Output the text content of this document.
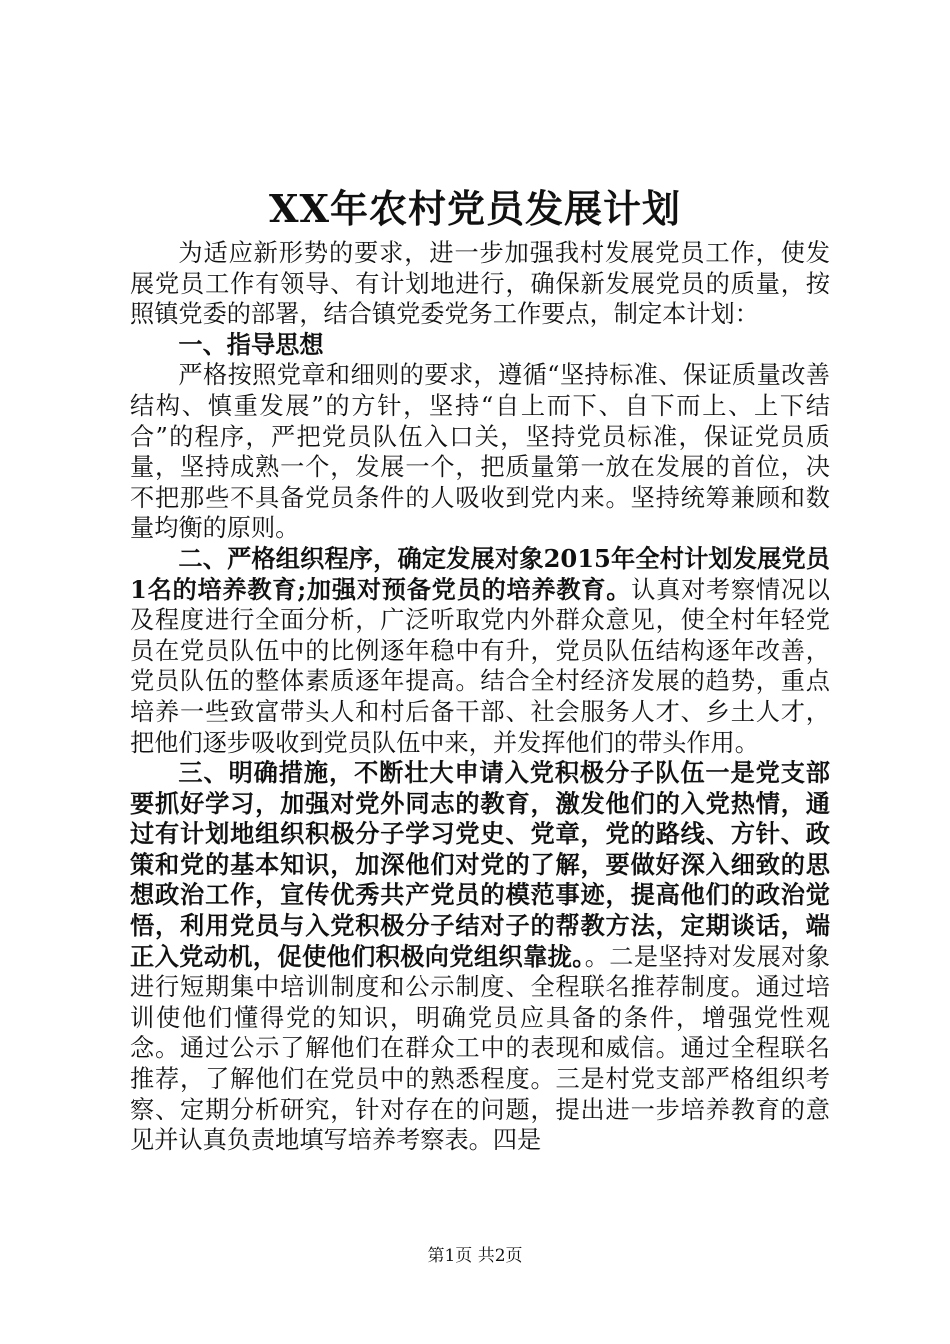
XX年农村党员发展计划

为适应新形势的要求，进一步加强我村发展党员工作，使发展党员工作有领导、有计划地进行，确保新发展党员的质量，按照镇党委的部署，结合镇党委党务工作要点，制定本计划：

一、指导思想

严格按照党章和细则的要求，遵循“坚持标准、保证质量改善结构、慎重发展”的方针，坚持“自上而下、自下而上、上下结合”的程序，严把党员队伍入口关，坚持党员标准，保证党员质量，坚持成熟一个，发展一个，把质量第一放在发展的首位，决不把那些不具备党员条件的人吸收到党内来。坚持统筹兼顾和数量均衡的原则。

二、严格组织程序，确定发展对象2015年全村计划发展党员1名的培养教育;加强对预备党员的培养教育。认真对考察情况以及程度进行全面分析，广泛听取党内外群众意见，使全村年轻党员在党员队伍中的比例逐年稳中有升，党员队伍结构逐年改善，党员队伍的整体素质逐年提高。结合全村经济发展的趋势，重点培养一些致富带头人和村后备干部、社会服务人才、乡土人才，把他们逐步吸收到党员队伍中来，并发挥他们的带头作用。

三、明确措施，不断壮大申请入党积极分子队伍一是党支部要抓好学习，加强对党外同志的教育，激发他们的入党热情，通过有计划地组织积极分子学习党史、党章，党的路线、方针、政策和党的基本知识，加深他们对党的了解，要做好深入细致的思想政治工作，宣传优秀共产党员的模范事迹，提高他们的政治觉悟，利用党员与入党积极分子结对子的帮教方法，定期谈话，端正入党动机，促使他们积极向党组织靠拢。。二是坚持对发展对象进行短期集中培训制度和公示制度、全程联名推荐制度。通过培训使他们懂得党的知识，明确党员应具备的条件，增强党性观念。通过公示了解他们在群众工中的表现和威信。通过全程联名推荐，了解他们在党员中的熟悉程度。三是村党支部严格组织考察、定期分析研究，针对存在的问题，提出进一步培养教育的意见并认真负责地填写培养考察表。四是

第1页 共2页
